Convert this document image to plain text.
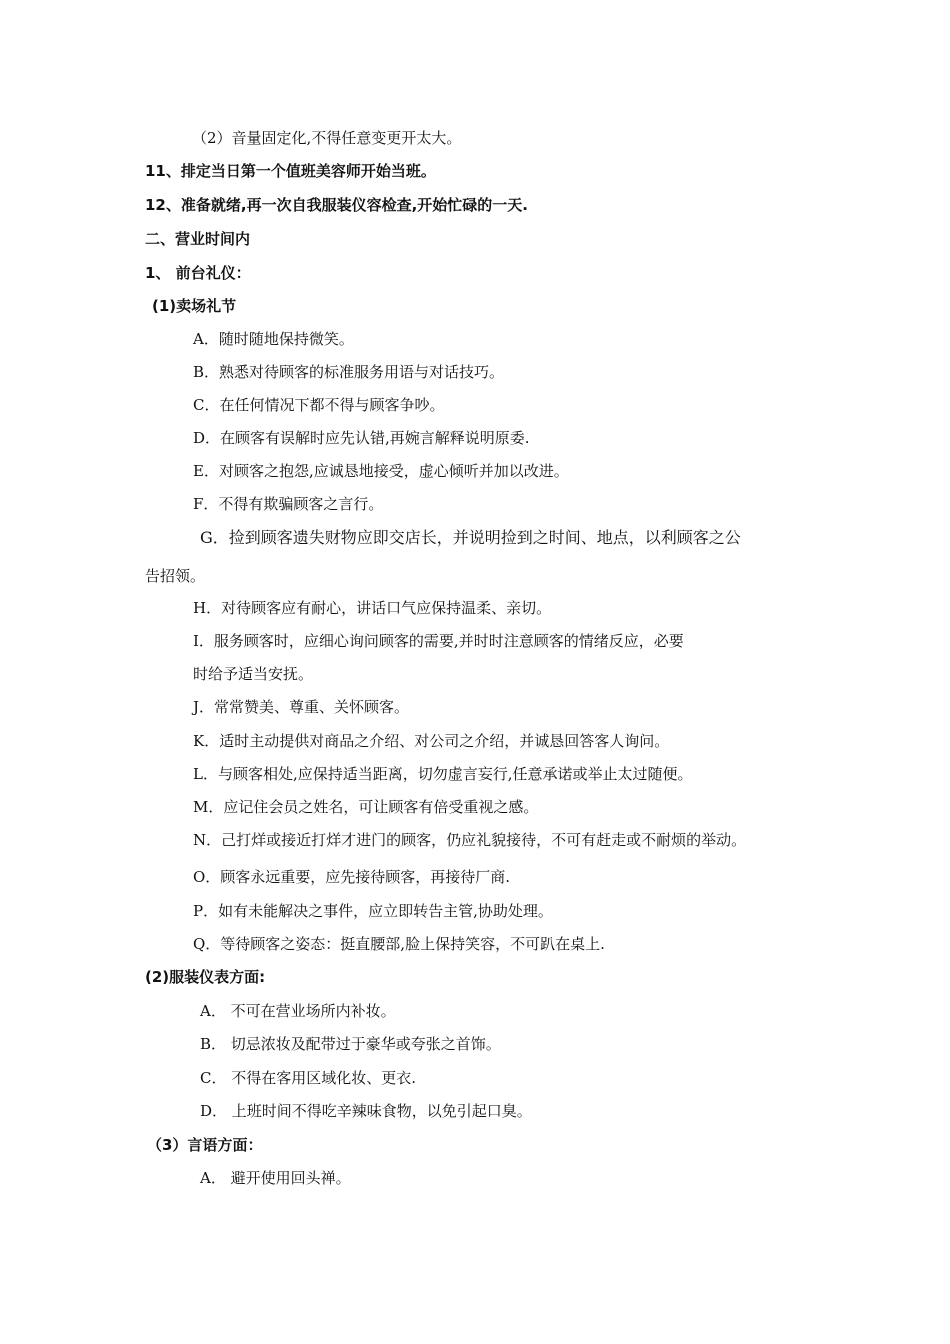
（2）音量固定化,不得任意变更开太大。
11、排定当日第一个值班美容师开始当班。
12、准备就绪,再一次自我服装仪容检查,开始忙碌的一天.
二、营业时间内
1、 前台礼仪：
(1)卖场礼节
A．随时随地保持微笑。
B．熟悉对待顾客的标准服务用语与对话技巧。
C．在任何情况下都不得与顾客争吵。
D．在顾客有误解时应先认错,再婉言解释说明原委.
E．对顾客之抱怨,应诚恳地接受，虚心倾听并加以改进。
F．不得有欺骗顾客之言行。
G．捡到顾客遗失财物应即交店长，并说明捡到之时间、地点，以利顾客之公
告招领。
H．对待顾客应有耐心，讲话口气应保持温柔、亲切。
I．服务顾客时，应细心询问顾客的需要,并时时注意顾客的情绪反应，必要
时给予适当安抚。
J．常常赞美、尊重、关怀顾客。
K．适时主动提供对商品之介绍、对公司之介绍，并诚恳回答客人询问。
L．与顾客相处,应保持适当距离，切勿虚言妄行,任意承诺或举止太过随便。
M．应记住会员之姓名，可让顾客有倍受重视之感。
N．己打烊或接近打烊才进门的顾客，仍应礼貌接待，不可有赶走或不耐烦的举动。
O．顾客永远重要，应先接待顾客，再接待厂商.
P．如有未能解决之事件，应立即转告主管,协助处理。
Q．等待顾客之姿态：挺直腰部,脸上保持笑容，不可趴在桌上.
(2)服装仪表方面:
A． 不可在营业场所内补妆。
B． 切忌浓妆及配带过于豪华或夸张之首饰。
C． 不得在客用区域化妆、更衣.
D． 上班时间不得吃辛辣味食物，以免引起口臭。
（3）言语方面：
A． 避开使用回头禅。
